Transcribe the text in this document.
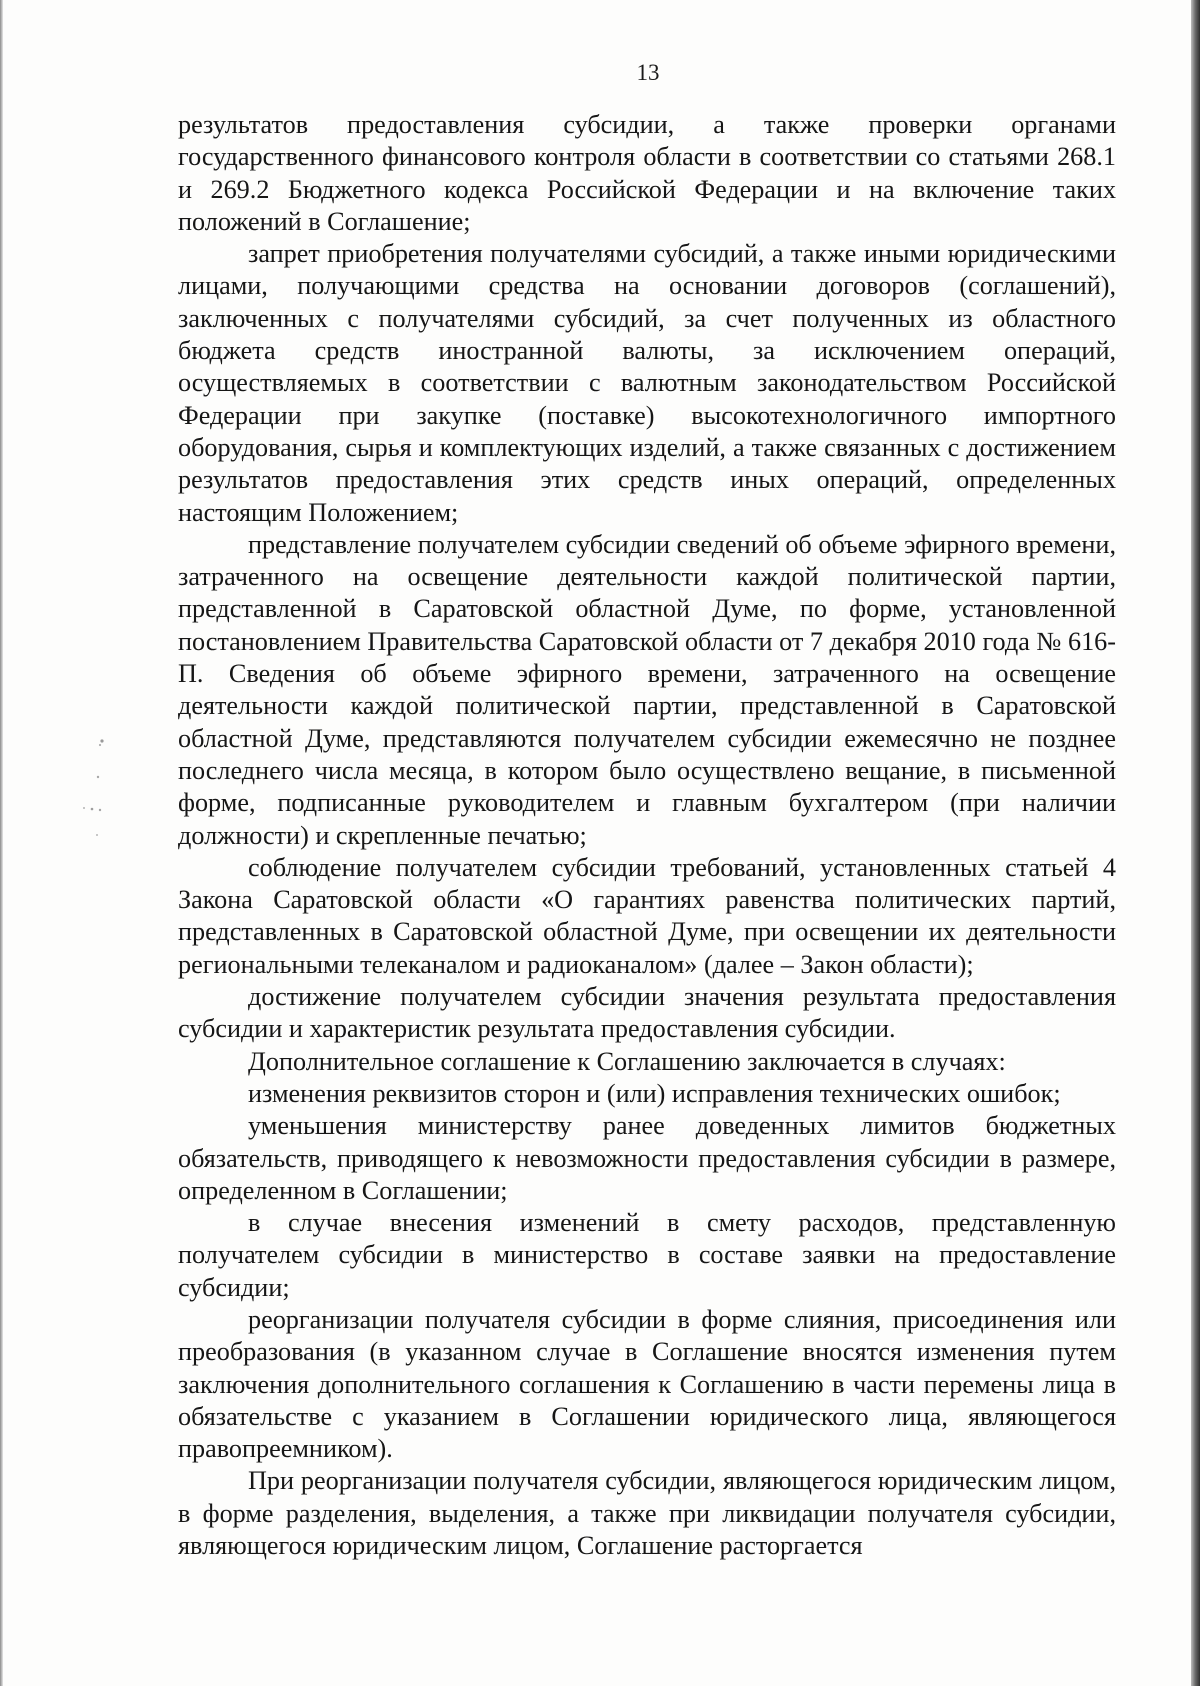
13

результатов предоставления субсидии, а также проверки органами государственного финансового контроля области в соответствии со статьями 268.1 и 269.2 Бюджетного кодекса Российской Федерации и на включение таких положений в Соглашение;

запрет приобретения получателями субсидий, а также иными юридическими лицами, получающими средства на основании договоров (соглашений), заключенных с получателями субсидий, за счет полученных из областного бюджета средств иностранной валюты, за исключением операций, осуществляемых в соответствии с валютным законодательством Российской Федерации при закупке (поставке) высокотехнологичного импортного оборудования, сырья и комплектующих изделий, а также связанных с достижением результатов предоставления этих средств иных операций, определенных настоящим Положением;

представление получателем субсидии сведений об объеме эфирного времени, затраченного на освещение деятельности каждой политической партии, представленной в Саратовской областной Думе, по форме, установленной постановлением Правительства Саратовской области от 7 декабря 2010 года № 616-П. Сведения об объеме эфирного времени, затраченного на освещение деятельности каждой политической партии, представленной в Саратовской областной Думе, представляются получателем субсидии ежемесячно не позднее последнего числа месяца, в котором было осуществлено вещание, в письменной форме, подписанные руководителем и главным бухгалтером (при наличии должности) и скрепленные печатью;

соблюдение получателем субсидии требований, установленных статьей 4 Закона Саратовской области «О гарантиях равенства политических партий, представленных в Саратовской областной Думе, при освещении их деятельности региональными телеканалом и радиоканалом» (далее – Закон области);

достижение получателем субсидии значения результата предоставления субсидии и характеристик результата предоставления субсидии.

Дополнительное соглашение к Соглашению заключается в случаях:

изменения реквизитов сторон и (или) исправления технических ошибок;

уменьшения министерству ранее доведенных лимитов бюджетных обязательств, приводящего к невозможности предоставления субсидии в размере, определенном в Соглашении;

в случае внесения изменений в смету расходов, представленную получателем субсидии в министерство в составе заявки на предоставление субсидии;

реорганизации получателя субсидии в форме слияния, присоединения или преобразования (в указанном случае в Соглашение вносятся изменения путем заключения дополнительного соглашения к Соглашению в части перемены лица в обязательстве с указанием в Соглашении юридического лица, являющегося правопреемником).

При реорганизации получателя субсидии, являющегося юридическим лицом, в форме разделения, выделения, а также при ликвидации получателя субсидии, являющегося юридическим лицом, Соглашение расторгается
